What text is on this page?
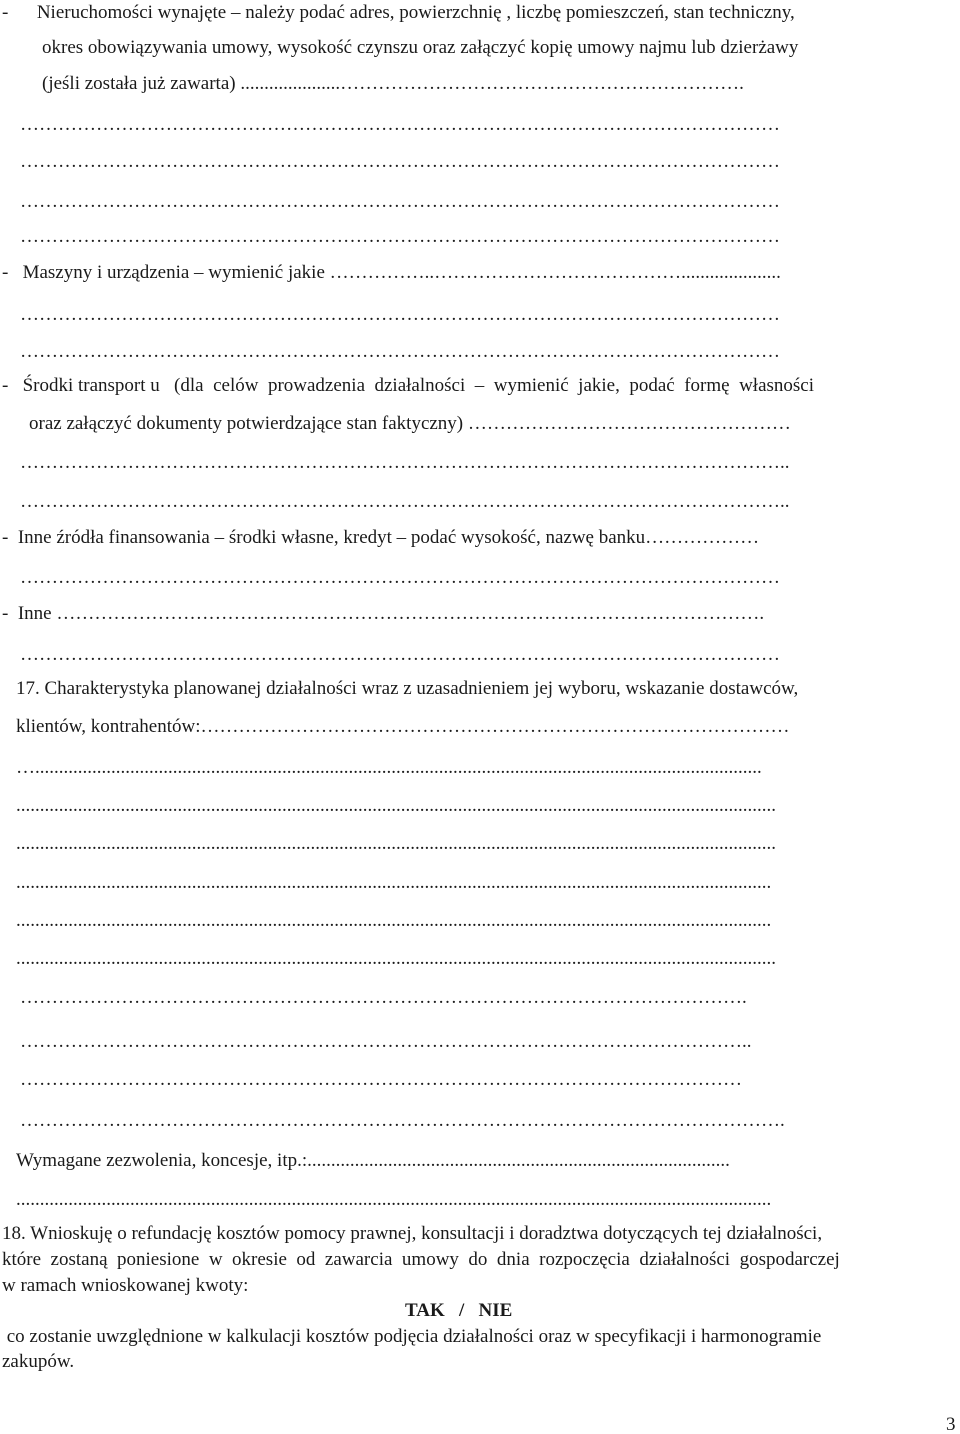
-      Nieruchomości wynajęte – należy podać adres, powierzchnię , liczbę pomieszczeń, stan techniczny,
okres obowiązywania umowy, wysokość czynszu oraz załączyć kopię umowy najmu lub dzierżawy
(jeśli została już zawarta) .....................……………………………………………………….
…………………………………………………………………………………………………………
…………………………………………………………………………………………………………
…………………………………………………………………………………………………………
…………………………………………………………………………………………………………
-   Maszyny i urządzenia – wymienić jakie ……………..………………………………….....................
…………………………………………………………………………………………………………
…………………………………………………………………………………………………………
-   Środki transport u   (dla  celów  prowadzenia  działalności  –  wymienić  jakie,  podać  formę  własności
oraz załączyć dokumenty potwierdzające stan faktyczny) ……………………………………………
…………………………………………………………………………………………………………..
…………………………………………………………………………………………………………..
-  Inne źródła finansowania – środki własne, kredyt – podać wysokość, nazwę banku………………
…………………………………………………………………………………………………………
-  Inne ………………………………………………………………………………………………….
…………………………………………………………………………………………………………
17. Charakterystyka planowanej działalności wraz z uzasadnieniem jej wyboru, wskazanie dostawców,
klientów, kontrahentów:…………………………………………………………………………………
….........................................................................................................................................................
................................................................................................................................................................
................................................................................................................................................................
...............................................................................................................................................................
...............................................................................................................................................................
................................................................................................................................................................
…………………………………………………………………………………………………….
……………………………………………………………………………………………………..
……………………………………………………………………………………………………
………………………………………………………………………………………………………….
Wymagane zezwolenia, koncesje, itp.:.........................................................................................
...............................................................................................................................................................
18. Wnioskuję o refundację kosztów pomocy prawnej, konsultacji i doradztwa dotyczących tej działalności,
które  zostaną  poniesione  w  okresie  od  zawarcia  umowy  do  dnia  rozpoczęcia  działalności  gospodarczej
w ramach wnioskowanej kwoty:
TAK   /   NIE
co zostanie uwzględnione w kalkulacji kosztów podjęcia działalności oraz w specyfikacji i harmonogramie
zakupów.
3
